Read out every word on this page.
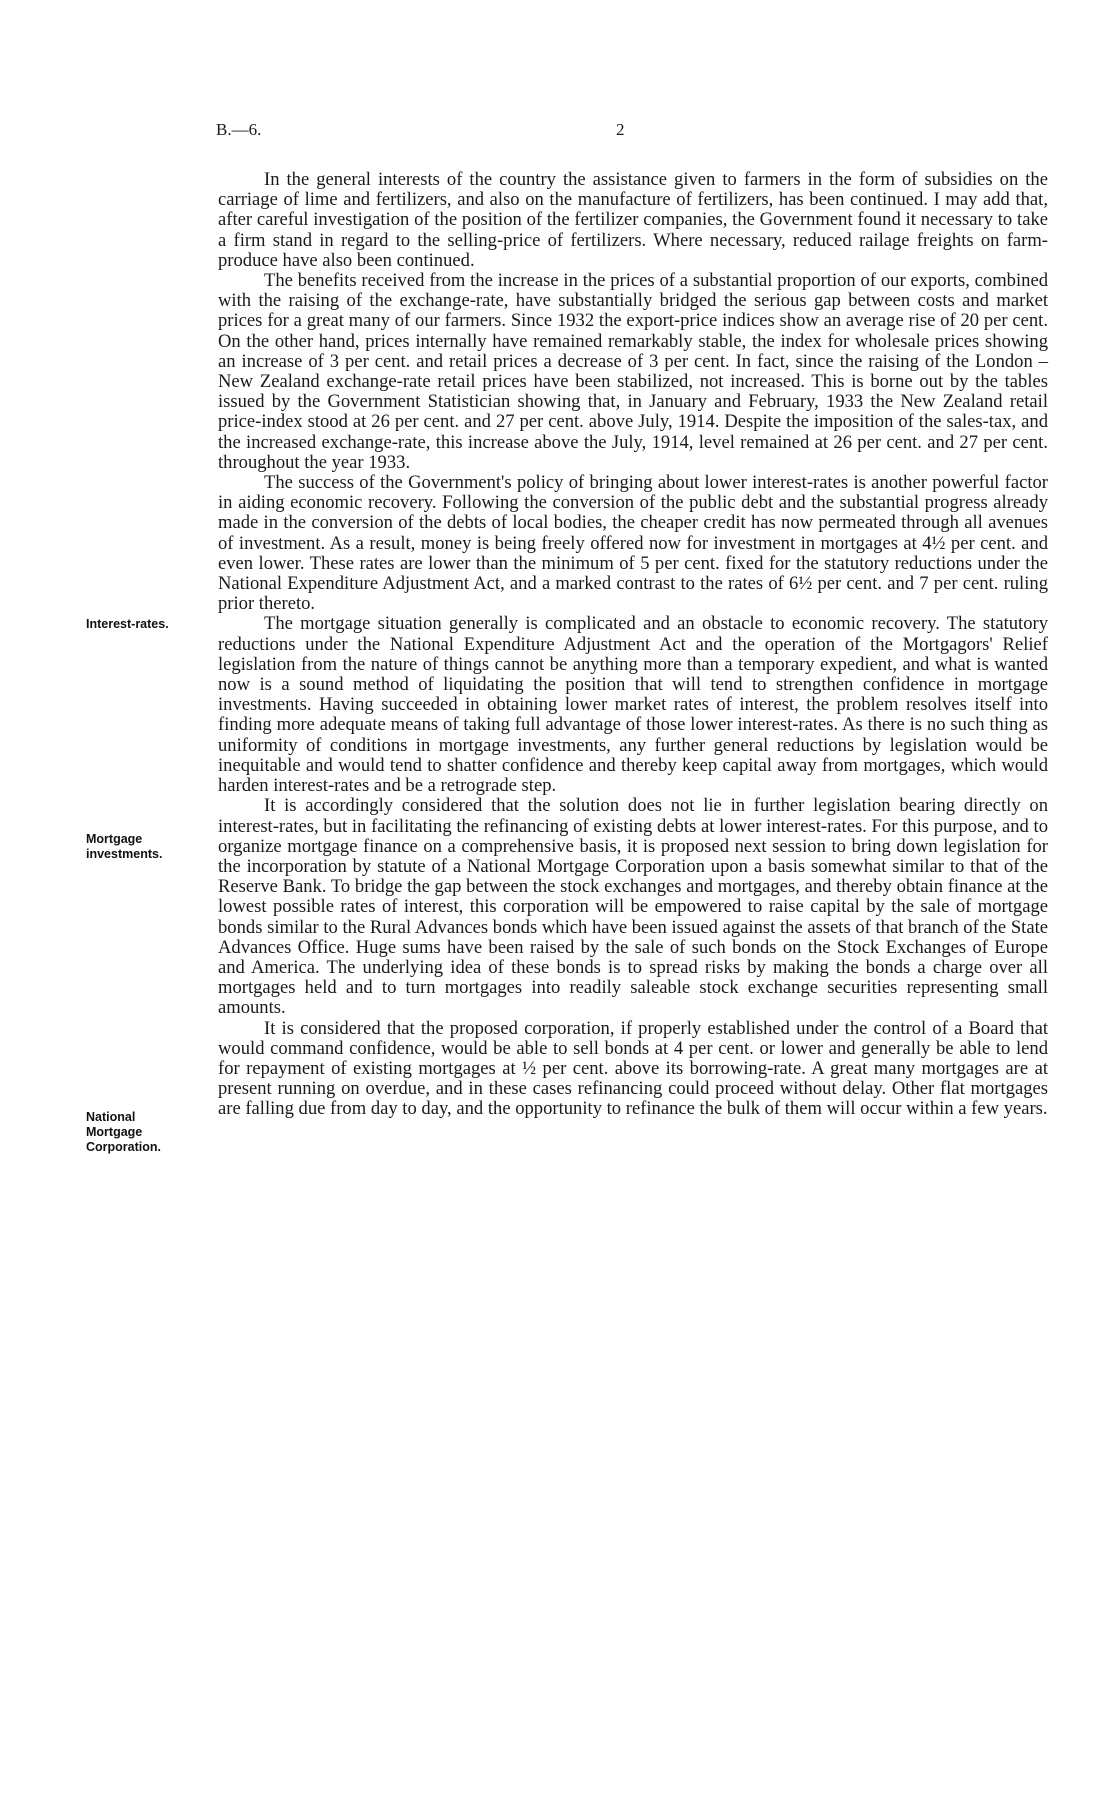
B.—6.	2
Interest-rates.
Mortgage investments.
National Mortgage Corporation.

In the general interests of the country the assistance given to farmers in the form of subsidies on the carriage of lime and fertilizers, and also on the manufacture of fertilizers, has been continued. I may add that, after careful investigation of the position of the fertilizer companies, the Government found it necessary to take a firm stand in regard to the selling-price of fertilizers. Where necessary, reduced railage freights on farm-produce have also been continued.

The benefits received from the increase in the prices of a substantial proportion of our exports, combined with the raising of the exchange-rate, have substantially bridged the serious gap between costs and market prices for a great many of our farmers. Since 1932 the export-price indices show an average rise of 20 per cent. On the other hand, prices internally have remained remarkably stable, the index for wholesale prices showing an increase of 3 per cent. and retail prices a decrease of 3 per cent. In fact, since the raising of the London – New Zealand exchange-rate retail prices have been stabilized, not increased. This is borne out by the tables issued by the Government Statistician showing that, in January and February, 1933 the New Zealand retail price-index stood at 26 per cent. and 27 per cent. above July, 1914. Despite the imposition of the sales-tax, and the increased exchange-rate, this increase above the July, 1914, level remained at 26 per cent. and 27 per cent. throughout the year 1933.

The success of the Government's policy of bringing about lower interest-rates is another powerful factor in aiding economic recovery. Following the conversion of the public debt and the substantial progress already made in the conversion of the debts of local bodies, the cheaper credit has now permeated through all avenues of investment. As a result, money is being freely offered now for investment in mortgages at 4½ per cent. and even lower. These rates are lower than the minimum of 5 per cent. fixed for the statutory reductions under the National Expenditure Adjustment Act, and a marked contrast to the rates of 6½ per cent. and 7 per cent. ruling prior thereto.

The mortgage situation generally is complicated and an obstacle to economic recovery. The statutory reductions under the National Expenditure Adjustment Act and the operation of the Mortgagors' Relief legislation from the nature of things cannot be anything more than a temporary expedient, and what is wanted now is a sound method of liquidating the position that will tend to strengthen confidence in mortgage investments. Having succeeded in obtaining lower market rates of interest, the problem resolves itself into finding more adequate means of taking full advantage of those lower interest-rates. As there is no such thing as uniformity of conditions in mortgage investments, any further general reductions by legislation would be inequitable and would tend to shatter confidence and thereby keep capital away from mortgages, which would harden interest-rates and be a retrograde step.

It is accordingly considered that the solution does not lie in further legislation bearing directly on interest-rates, but in facilitating the refinancing of existing debts at lower interest-rates. For this purpose, and to organize mortgage finance on a comprehensive basis, it is proposed next session to bring down legislation for the incorporation by statute of a National Mortgage Corporation upon a basis somewhat similar to that of the Reserve Bank. To bridge the gap between the stock exchanges and mortgages, and thereby obtain finance at the lowest possible rates of interest, this corporation will be empowered to raise capital by the sale of mortgage bonds similar to the Rural Advances bonds which have been issued against the assets of that branch of the State Advances Office. Huge sums have been raised by the sale of such bonds on the Stock Exchanges of Europe and America. The underlying idea of these bonds is to spread risks by making the bonds a charge over all mortgages held and to turn mortgages into readily saleable stock exchange securities representing small amounts.

It is considered that the proposed corporation, if properly established under the control of a Board that would command confidence, would be able to sell bonds at 4 per cent. or lower and generally be able to lend for repayment of existing mortgages at ½ per cent. above its borrowing-rate. A great many mortgages are at present running on overdue, and in these cases refinancing could proceed without delay. Other flat mortgages are falling due from day to day, and the opportunity to refinance the bulk of them will occur within a few years.
